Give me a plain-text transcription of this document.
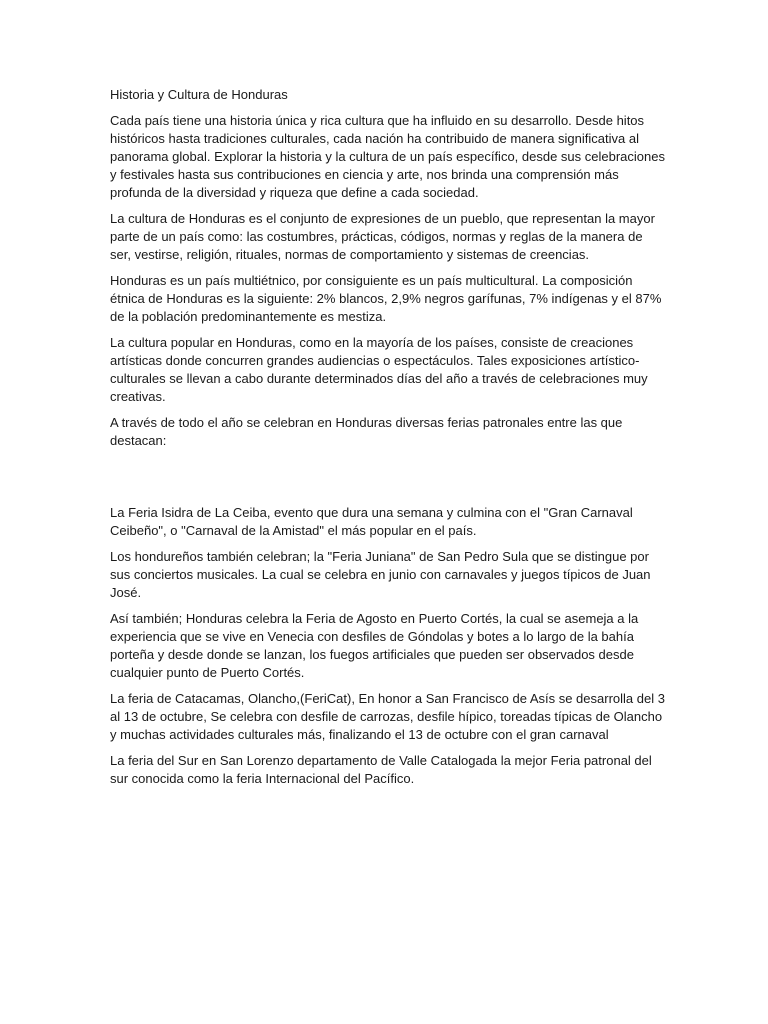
Historia y Cultura de Honduras

Cada país tiene una historia única y rica cultura que ha influido en su desarrollo. Desde hitos históricos hasta tradiciones culturales, cada nación ha contribuido de manera significativa al panorama global. Explorar la historia y la cultura de un país específico, desde sus celebraciones y festivales hasta sus contribuciones en ciencia y arte, nos brinda una comprensión más profunda de la diversidad y riqueza que define a cada sociedad.

La cultura de Honduras es el conjunto de expresiones de un pueblo, que representan la mayor parte de un país como: las costumbres, prácticas, códigos, normas y reglas de la manera de ser, vestirse, religión, rituales, normas de comportamiento y sistemas de creencias.

Honduras es un país multiétnico, por consiguiente es un país multicultural. La composición étnica de Honduras es la siguiente: 2% blancos, 2,9% negros garífunas, 7% indígenas y el 87% de la población predominantemente es mestiza.

La cultura popular en Honduras, como en la mayoría de los países, consiste de creaciones artísticas donde concurren grandes audiencias o espectáculos. Tales exposiciones artístico-culturales se llevan a cabo durante determinados días del año a través de celebraciones muy creativas.

A través de todo el año se celebran en Honduras diversas ferias patronales entre las que destacan:

La Feria Isidra de La Ceiba, evento que dura una semana y culmina con el "Gran Carnaval Ceibeño", o "Carnaval de la Amistad" el más popular en el país.

Los hondureños también celebran; la "Feria Juniana" de San Pedro Sula que se distingue por sus conciertos musicales. La cual se celebra en junio con carnavales y juegos típicos de Juan José.

Así también; Honduras celebra la Feria de Agosto en Puerto Cortés, la cual se asemeja a la experiencia que se vive en Venecia con desfiles de Góndolas y botes a lo largo de la bahía porteña y desde donde se lanzan, los fuegos artificiales que pueden ser observados desde cualquier punto de Puerto Cortés.

La feria de Catacamas, Olancho,(FeriCat), En honor a San Francisco de Asís se desarrolla del 3 al 13 de octubre, Se celebra con desfile de carrozas, desfile hípico, toreadas típicas de Olancho y muchas actividades culturales más, finalizando el 13 de octubre con el gran carnaval

La feria del Sur en San Lorenzo departamento de Valle Catalogada la mejor Feria patronal del sur conocida como la feria Internacional del Pacífico.
